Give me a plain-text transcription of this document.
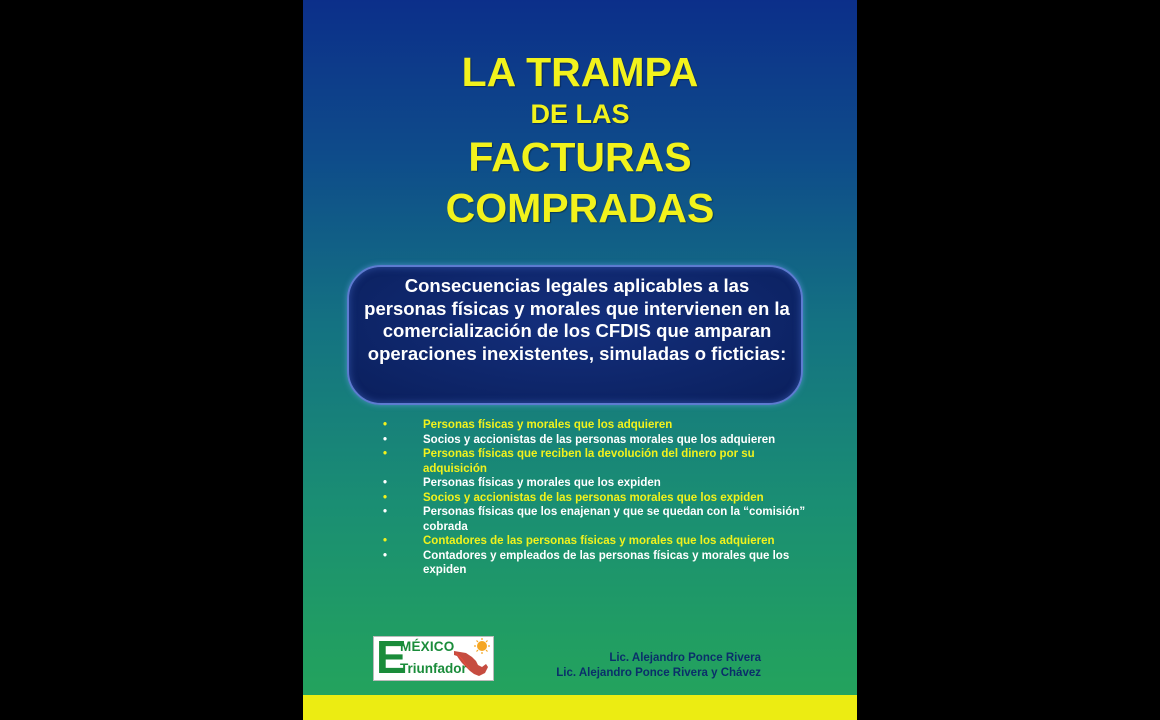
LA TRAMPA
DE LAS
FACTURAS
COMPRADAS
Consecuencias legales aplicables a las personas físicas y morales que intervienen en la comercialización de los CFDIS que amparan operaciones inexistentes, simuladas o ficticias:
•	Personas físicas y morales que los adquieren
•	Socios y accionistas de las personas morales que los adquieren
•	Personas físicas que reciben la devolución del dinero por su adquisición
•	Personas físicas y morales que los expiden
•	Socios y accionistas de las personas morales que los expiden
•	Personas físicas que los enajenan y que se quedan con la “comisión” cobrada
•	Contadores de las personas físicas y morales que los adquieren
•	Contadores y empleados de las personas físicas y morales que los expiden
E
MÉXICO
Triunfador
Lic. Alejandro Ponce Rivera
Lic. Alejandro Ponce Rivera y Chávez
